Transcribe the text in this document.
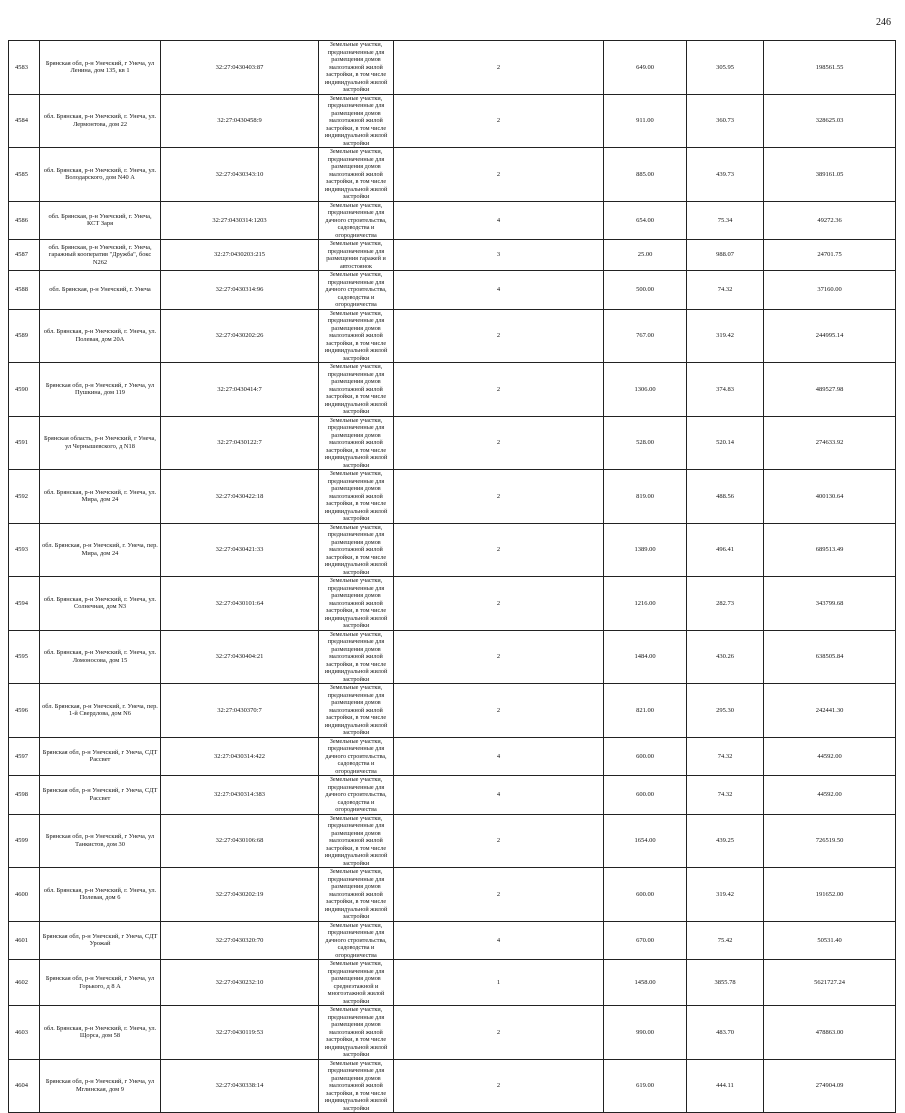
246
4583	Брянская обл, р-н Унечский, г Унеча, ул Ленина, дом 135, кв 1	32:27:0430403:87	Земельные участки, предназначенные для размещения домов малоэтажной жилой застройки, в том числе индивидуальной жилой застройки	2	649.00	305.95	198561.55
4584	обл. Брянская, р-н Унечский, г. Унеча, ул. Лермонтова, дом 22	32:27:0430458:9	Земельные участки, предназначенные для размещения домов малоэтажной жилой застройки, в том числе индивидуальной жилой застройки	2	911.00	360.73	328625.03
4585	обл. Брянская, р-н Унечский, г. Унеча, ул. Володарского, дом N40 А	32:27:0430343:10	Земельные участки, предназначенные для размещения домов малоэтажной жилой застройки, в том числе индивидуальной жилой застройки	2	885.00	439.73	389161.05
4586	обл. Брянская, р-н Унечский, г. Унеча, КСТ Заря	32:27:0430314:1203	Земельные участки, предназначенные для дачного строительства, садоводства и огородничества	4	654.00	75.34	49272.36
4587	обл. Брянская, р-н Унечский, г. Унеча, гаражный кооператив "Дружба", бокс N262	32:27:0430203:215	Земельные участки, предназначенные для размещения гаражей и автостоянок	3	25.00	988.07	24701.75
4588	обл. Брянская, р-н Унечский, г. Унеча	32:27:0430314:96	Земельные участки, предназначенные для дачного строительства, садоводства и огородничества	4	500.00	74.32	37160.00
4589	обл. Брянская, р-н Унечский, г. Унеча, ул. Полевая, дом 20А	32:27:0430202:26	Земельные участки, предназначенные для размещения домов малоэтажной жилой застройки, в том числе индивидуальной жилой застройки	2	767.00	319.42	244995.14
4590	Брянская обл, р-н Унечский, г Унеча, ул Пушкина, дом 119	32:27:0430414:7	Земельные участки, предназначенные для размещения домов малоэтажной жилой застройки, в том числе индивидуальной жилой застройки	2	1306.00	374.83	489527.98
4591	Брянская область, р-н Унечский, г Унеча, ул Чернышевского, д N18	32:27:0430122:7	Земельные участки, предназначенные для размещения домов малоэтажной жилой застройки, в том числе индивидуальной жилой застройки	2	528.00	520.14	274633.92
4592	обл. Брянская, р-н Унечский, г. Унеча, ул. Мира, дом 24	32:27:0430422:18	Земельные участки, предназначенные для размещения домов малоэтажной жилой застройки, в том числе индивидуальной жилой застройки	2	819.00	488.56	400130.64
4593	обл. Брянская, р-н Унечский, г. Унеча, пер. Мира, дом 24	32:27:0430421:33	Земельные участки, предназначенные для размещения домов малоэтажной жилой застройки, в том числе индивидуальной жилой застройки	2	1389.00	496.41	689513.49
4594	обл. Брянская, р-н Унечский, г. Унеча, ул. Солнечная, дом N3	32:27:0430101:64	Земельные участки, предназначенные для размещения домов малоэтажной жилой застройки, в том числе индивидуальной жилой застройки	2	1216.00	282.73	343799.68
4595	обл. Брянская, р-н Унечский, г. Унеча, ул. Ломоносова, дом 15	32:27:0430404:21	Земельные участки, предназначенные для размещения домов малоэтажной жилой застройки, в том числе индивидуальной жилой застройки	2	1484.00	430.26	638505.84
4596	обл. Брянская, р-н Унечский, г. Унеча, пер. 1-й Свердлова, дом N6	32:27:0430370:7	Земельные участки, предназначенные для размещения домов малоэтажной жилой застройки, в том числе индивидуальной жилой застройки	2	821.00	295.30	242441.30
4597	Брянская обл, р-н Унечский, г Унеча, СДТ Рассвет	32:27:0430314:422	Земельные участки, предназначенные для дачного строительства, садоводства и огородничества	4	600.00	74.32	44592.00
4598	Брянская обл, р-н Унечский, г Унеча, СДТ Рассвет	32:27:0430314:383	Земельные участки, предназначенные для дачного строительства, садоводства и огородничества	4	600.00	74.32	44592.00
4599	Брянская обл, р-н Унечский, г Унеча, ул Танкистов, дом 30	32:27:0430106:68	Земельные участки, предназначенные для размещения домов малоэтажной жилой застройки, в том числе индивидуальной жилой застройки	2	1654.00	439.25	726519.50
4600	обл. Брянская, р-н Унечский, г. Унеча, ул. Полевая, дом 6	32:27:0430202:19	Земельные участки, предназначенные для размещения домов малоэтажной жилой застройки, в том числе индивидуальной жилой застройки	2	600.00	319.42	191652.00
4601	Брянская обл, р-н Унечский, г Унеча, СДТ Урожай	32:27:0430320:70	Земельные участки, предназначенные для дачного строительства, садоводства и огородничества	4	670.00	75.42	50531.40
4602	Брянская обл, р-н Унечский, г Унеча, ул Горького, д 8 А	32:27:0430232:10	Земельные участки, предназначенные для размещения домов среднеэтажной и многоэтажной жилой застройки	1	1458.00	3855.78	5621727.24
4603	обл. Брянская, р-н Унечский, г. Унеча, ул. Щорса, дом 58	32:27:0430119:53	Земельные участки, предназначенные для размещения домов малоэтажной жилой застройки, в том числе индивидуальной жилой застройки	2	990.00	483.70	478863.00
4604	Брянская обл, р-н Унечский, г Унеча, ул Мглинская, дом 9	32:27:0430338:14	Земельные участки, предназначенные для размещения домов малоэтажной жилой застройки, в том числе индивидуальной жилой застройки	2	619.00	444.11	274904.09
